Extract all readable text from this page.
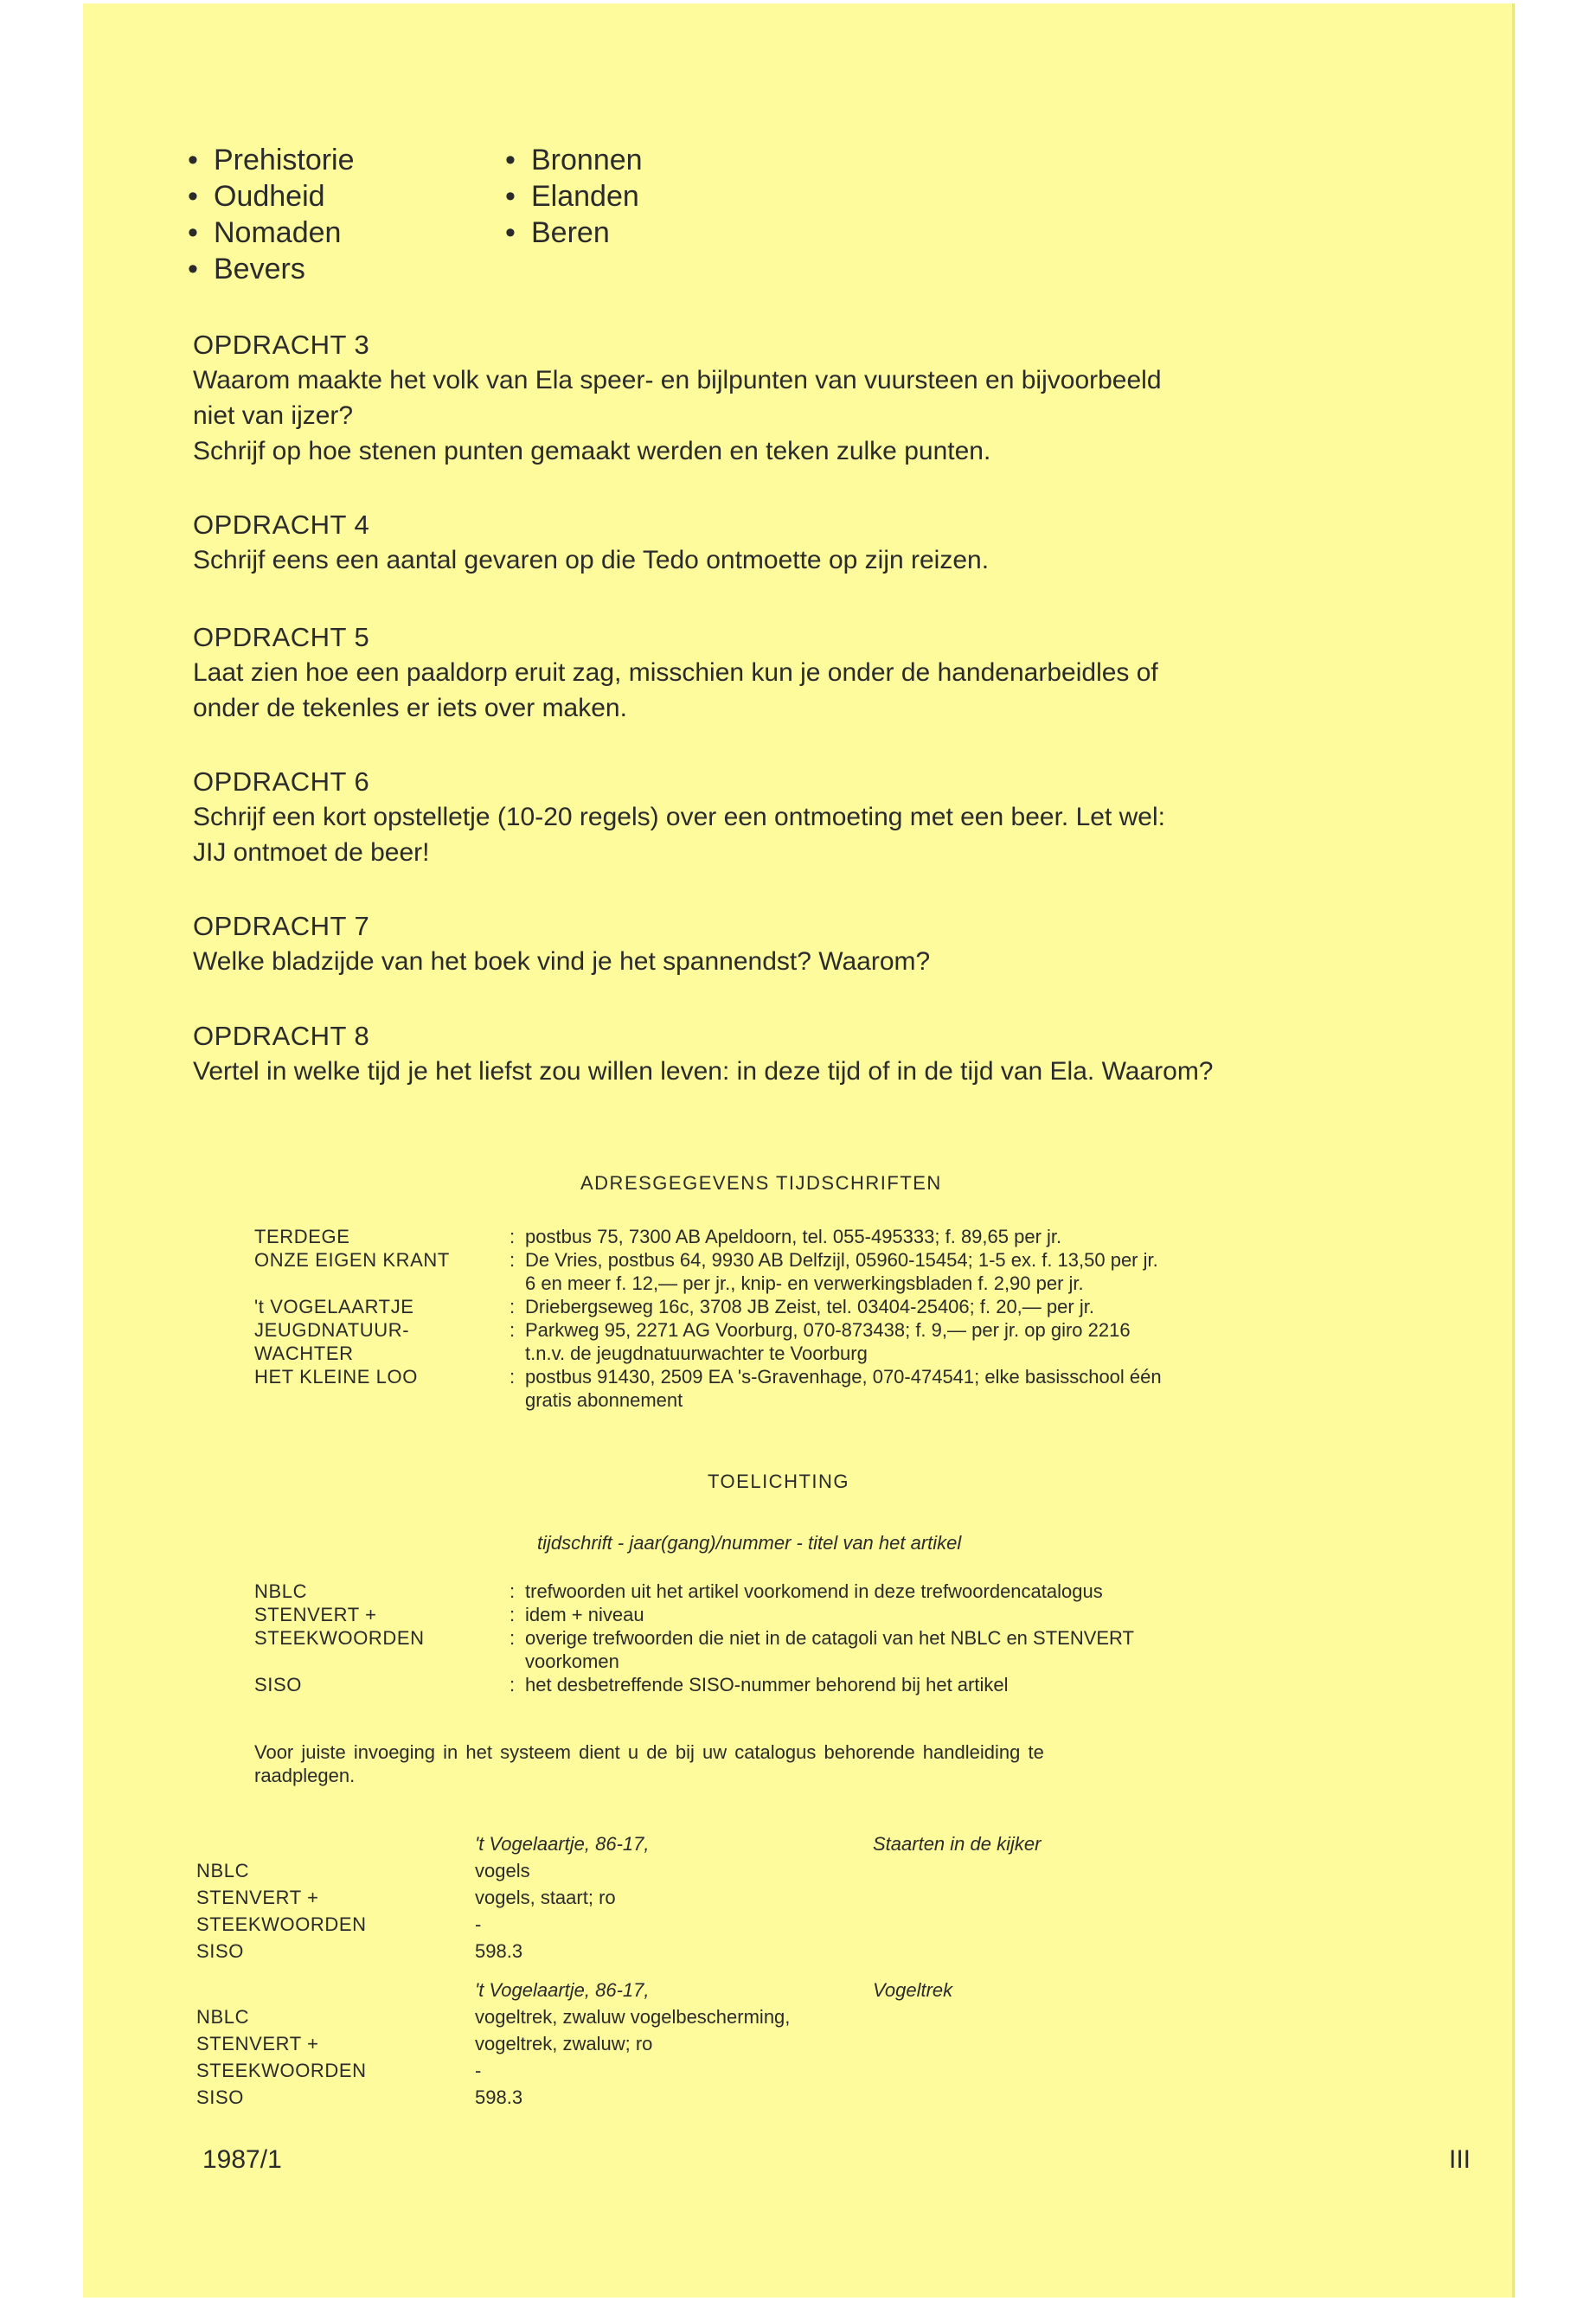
• Prehistorie
• Oudheid
• Nomaden
• Bevers
• Bronnen
• Elanden
• Beren
OPDRACHT 3
Waarom maakte het volk van Ela speer- en bijlpunten van vuursteen en bijvoorbeeld
niet van ijzer?
Schrijf op hoe stenen punten gemaakt werden en teken zulke punten.
OPDRACHT 4
Schrijf eens een aantal gevaren op die Tedo ontmoette op zijn reizen.
OPDRACHT 5
Laat zien hoe een paaldorp eruit zag, misschien kun je onder de handenarbeidles of
onder de tekenles er iets over maken.
OPDRACHT 6
Schrijf een kort opstelletje (10-20 regels) over een ontmoeting met een beer. Let wel:
JIJ ontmoet de beer!
OPDRACHT 7
Welke bladzijde van het boek vind je het spannendst? Waarom?
OPDRACHT 8
Vertel in welke tijd je het liefst zou willen leven: in deze tijd of in de tijd van Ela. Waarom?
ADRESGEGEVENS TIJDSCHRIFTEN
TERDEGE	: postbus 75, 7300 AB Apeldoorn, tel. 055-495333; f. 89,65 per jr.
ONZE EIGEN KRANT	: De Vries, postbus 64, 9930 AB Delfzijl, 05960-15454; 1-5 ex. f. 13,50 per jr.
6 en meer f. 12,— per jr., knip- en verwerkingsbladen f. 2,90 per jr.
't VOGELAARTJE	: Driebergseweg 16c, 3708 JB Zeist, tel. 03404-25406; f. 20,— per jr.
JEUGDNATUUR-	: Parkweg 95, 2271 AG Voorburg, 070-873438; f. 9,— per jr. op giro 2216
WACHTER	t.n.v. de jeugdnatuurwachter te Voorburg
HET KLEINE LOO	: postbus 91430, 2509 EA 's-Gravenhage, 070-474541; elke basisschool één
gratis abonnement
TOELICHTING
tijdschrift - jaar(gang)/nummer - titel van het artikel
NBLC	: trefwoorden uit het artikel voorkomend in deze trefwoordencatalogus
STENVERT +	: idem + niveau
STEEKWOORDEN	: overige trefwoorden die niet in de catagoli van het NBLC en STENVERT
voorkomen
SISO	: het desbetreffende SISO-nummer behorend bij het artikel
Voor juiste invoeging in het systeem dient u de bij uw catalogus behorende handleiding te
raadplegen.
't Vogelaartje, 86-17,	Staarten in de kijker
NBLC	vogels
STENVERT +	vogels, staart; ro
STEEKWOORDEN	-
SISO	598.3
't Vogelaartje, 86-17,	Vogeltrek
NBLC	vogeltrek, zwaluw vogelbescherming,
STENVERT +	vogeltrek, zwaluw; ro
STEEKWOORDEN	-
SISO	598.3
1987/1	III
